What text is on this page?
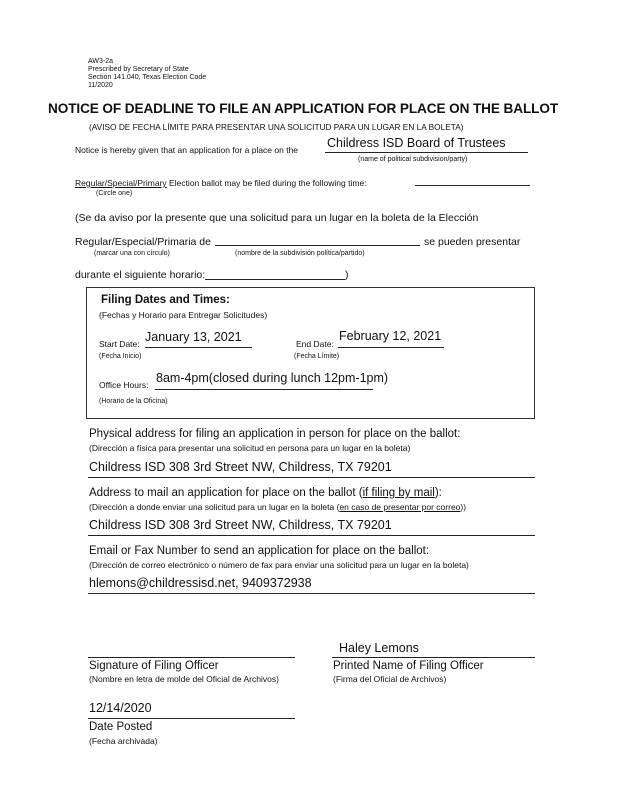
AW3-2a
Prescribed by Secretary of State
Section 141.040, Texas Election Code
11/2020
NOTICE OF DEADLINE TO FILE AN APPLICATION FOR PLACE ON THE BALLOT
(AVISO DE FECHA LÍMITE PARA PRESENTAR UNA SOLICITUD PARA UN LUGAR EN LA BOLETA)
Notice is hereby given that an application for a place on the Childress ISD Board of Trustees
(name of political subdivision/party)
Regular/Special/Primary Election ballot may be filed during the following time:
(Circle one)
(Se da aviso por la presente que una solicitud para un lugar en la boleta de la Elección
Regular/Especial/Primaria de	se pueden presentar
(marcar una con círculo)	(nombre de la subdivisión política/partido)
durante el siguiente horario:	)
Filing Dates and Times:
(Fechas y Horario para Entregar Solicitudes)
Start Date: January 13, 2021
(Fecha Inicio)
End Date:
February 12, 2021
(Fecha Límite)
Office Hours: 8am-4pm(closed during lunch 12pm-1pm)
(Horario de la Oficina)
Physical address for filing an application in person for place on the ballot:
(Dirección a física para presentar una solicitud en persona para un lugar en la boleta)
Childress ISD 308 3rd Street NW, Childress, TX 79201
Address to mail an application for place on the ballot (if filing by mail):
(Dirección a donde enviar una solicitud para un lugar en la boleta (en caso de presentar por correo))
Childress ISD 308 3rd Street NW, Childress, TX 79201
Email or Fax Number to send an application for place on the ballot:
(Dirección de correo electrónico o número de fax para enviar una solicitud para un lugar en la boleta)
hlemons@childressisd.net, 9409372938
Haley Lemons
Signature of Filing Officer
(Nombre en letra de molde del Oficial de Archivos)
Printed Name of Filing Officer
(Firma del Oficial de Archivos)
12/14/2020
Date Posted
(Fecha archivada)
